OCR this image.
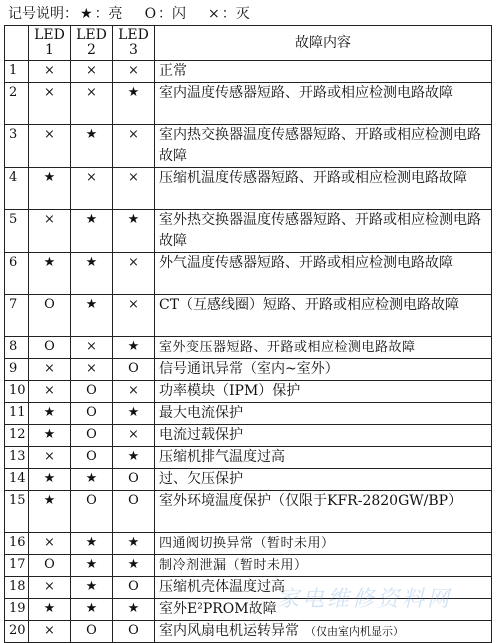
记号说明： ★ ：亮 O ：闪 × ：灭
	LED 1	LED 2	LED 3	故障内容
1	×	×	×	正常
2	×	×	★	室内温度传感器短路、开路或相应检测电路故障
3	×	★	×	室内热交换器温度传感器短路、开路或相应检测电路故障
4	★	×	×	压缩机温度传感器短路、开路或相应检测电路故障
5	×	★	★	室外热交换器温度传感器短路、开路或相应检测电路故障
6	★	★	×	外气温度传感器短路、开路或相应检测电路故障
7	O	★	×	CT（互感线圈）短路、开路或相应检测电路故障
8	O	×	★	室外变压器短路、开路或相应检测电路故障
9	×	×	O	信号通讯异常（室内~室外）
10	×	O	×	功率模块（IPM）保护
11	★	O	★	最大电流保护
12	★	O	×	电流过载保护
13	×	O	★	压缩机排气温度过高
14	★	★	O	过、欠压保护
15	★	O	O	室外环境温度保护（仅限于KFR-2820GW/BP）
16	×	★	★	四通阀切换异常（暂时未用）
17	O	★	★	制冷剂泄漏（暂时未用）
18	×	★	O	压缩机壳体温度过高
19	★	★	★	室外E²PROM故障
20	×	O	O	室内风扇电机运转异常 （仅由室内机显示）
家电维修资料网
